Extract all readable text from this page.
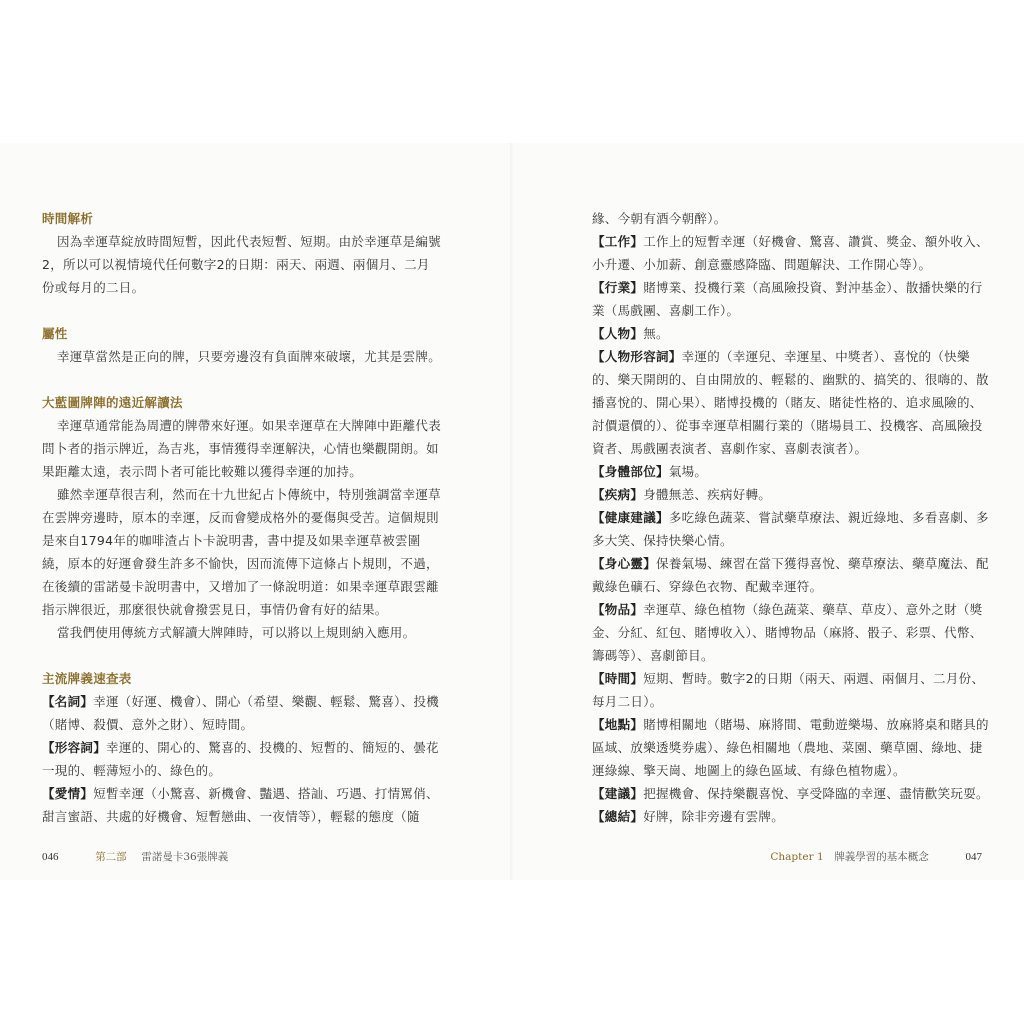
時間解析

因為幸運草綻放時間短暫，因此代表短暫、短期。由於幸運草是編號2，所以可以視情境代任何數字2的日期：兩天、兩週、兩個月、二月份或每月的二日。

屬性

幸運草當然是正向的牌，只要旁邊沒有負面牌來破壞，尤其是雲牌。

大藍圖牌陣的遠近解讀法

幸運草通常能為周遭的牌帶來好運。如果幸運草在大牌陣中距離代表問卜者的指示牌近，為吉兆，事情獲得幸運解決，心情也樂觀開朗。如果距離太遠，表示問卜者可能比較難以獲得幸運的加持。

雖然幸運草很吉利，然而在十九世紀占卜傳統中，特別強調當幸運草在雲牌旁邊時，原本的幸運，反而會變成格外的憂傷與受苦。這個規則是來自1794年的咖啡渣占卜卡說明書，書中提及如果幸運草被雲圍繞，原本的好運會發生許多不愉快，因而流傳下這條占卜規則，不過，在後續的雷諾曼卡說明書中，又增加了一條說明道：如果幸運草跟雲離指示牌很近，那麼很快就會撥雲見日，事情仍會有好的結果。

當我們使用傳統方式解讀大牌陣時，可以將以上規則納入應用。

主流牌義速查表

【名詞】幸運（好運、機會）、開心（希望、樂觀、輕鬆、驚喜）、投機（賭博、殺價、意外之財）、短時間。

【形容詞】幸運的、開心的、驚喜的、投機的、短暫的、簡短的、曇花一現的、輕薄短小的、綠色的。

【愛情】短暫幸運（小驚喜、新機會、豔遇、搭訕、巧遇、打情罵俏、甜言蜜語、共處的好機會、短暫戀曲、一夜情等），輕鬆的態度（隨

046	第二部 雷諾曼卡36張牌義

緣、今朝有酒今朝醉）。

【工作】工作上的短暫幸運（好機會、驚喜、讚賞、獎金、額外收入、小升遷、小加薪、創意靈感降臨、問題解決、工作開心等）。

【行業】賭博業、投機行業（高風險投資、對沖基金）、散播快樂的行業（馬戲團、喜劇工作）。

【人物】無。

【人物形容詞】幸運的（幸運兒、幸運星、中獎者）、喜悅的（快樂的、樂天開朗的、自由開放的、輕鬆的、幽默的、搞笑的、很嗨的、散播喜悅的、開心果）、賭博投機的（賭友、賭徒性格的、追求風險的、討價還價的）、從事幸運草相關行業的（賭場員工、投機客、高風險投資者、馬戲團表演者、喜劇作家、喜劇表演者）。

【身體部位】氣場。

【疾病】身體無恙、疾病好轉。

【健康建議】多吃綠色蔬菜、嘗試藥草療法、親近綠地、多看喜劇、多多大笑、保持快樂心情。

【身心靈】保養氣場、練習在當下獲得喜悅、藥草療法、藥草魔法、配戴綠色礦石、穿綠色衣物、配戴幸運符。

【物品】幸運草、綠色植物（綠色蔬菜、藥草、草皮）、意外之財（獎金、分紅、紅包、賭博收入）、賭博物品（麻將、骰子、彩票、代幣、籌碼等）、喜劇節目。

【時間】短期、暫時。數字2的日期（兩天、兩週、兩個月、二月份、每月二日）。

【地點】賭博相關地（賭場、麻將間、電動遊樂場、放麻將桌和賭具的區域、放樂透獎券處）、綠色相關地（農地、菜園、藥草園、綠地、捷運綠線、擎天崗、地圖上的綠色區域、有綠色植物處）。

【建議】把握機會、保持樂觀喜悅、享受降臨的幸運、盡情歡笑玩耍。

【總結】好牌，除非旁邊有雲牌。

Chapter 1 牌義學習的基本概念	047
